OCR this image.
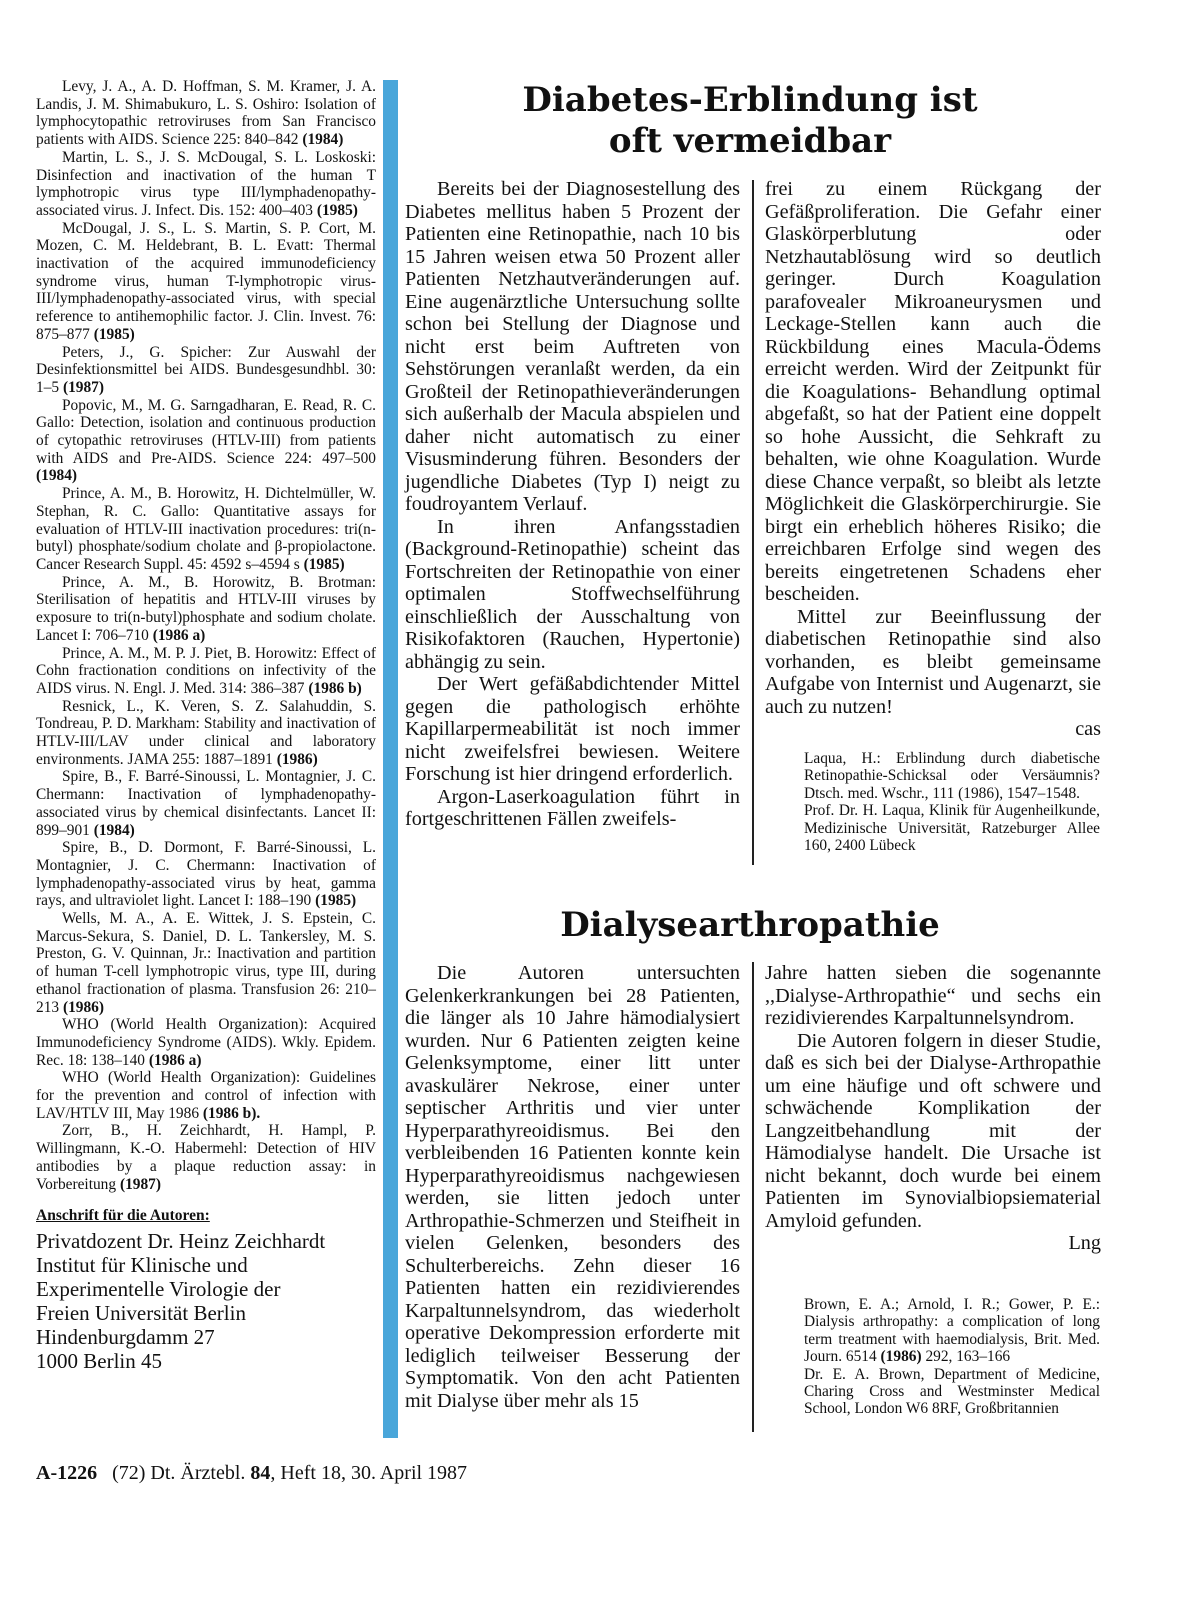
Levy, J. A., A. D. Hoffman, S. M. Kramer, J. A. Landis, J. M. Shimabukuro, L. S. Oshiro: Isolation of lymphocytopathic retroviruses from San Francisco patients with AIDS. Science 225: 840–842 (1984)

Martin, L. S., J. S. McDougal, S. L. Loskoski: Disinfection and inactivation of the human T lymphotropic virus type III/lymphadenopathy-associated virus. J. Infect. Dis. 152: 400–403 (1985)

McDougal, J. S., L. S. Martin, S. P. Cort, M. Mozen, C. M. Heldebrant, B. L. Evatt: Thermal inactivation of the acquired immunodeficiency syndrome virus, human T-lymphotropic virus-III/lymphadenopathy-associated virus, with special reference to antihemophilic factor. J. Clin. Invest. 76: 875–877 (1985)

Peters, J., G. Spicher: Zur Auswahl der Desinfektionsmittel bei AIDS. Bundesgesundhbl. 30: 1–5 (1987)

Popovic, M., M. G. Sarngadharan, E. Read, R. C. Gallo: Detection, isolation and continuous production of cytopathic retroviruses (HTLV-III) from patients with AIDS and Pre-AIDS. Science 224: 497–500 (1984)

Prince, A. M., B. Horowitz, H. Dichtelmüller, W. Stephan, R. C. Gallo: Quantitative assays for evaluation of HTLV-III inactivation procedures: tri(n-butyl) phosphate/sodium cholate and β-propiolactone. Cancer Research Suppl. 45: 4592 s–4594 s (1985)

Prince, A. M., B. Horowitz, B. Brotman: Sterilisation of hepatitis and HTLV-III viruses by exposure to tri(n-butyl)phosphate and sodium cholate. Lancet I: 706–710 (1986 a)

Prince, A. M., M. P. J. Piet, B. Horowitz: Effect of Cohn fractionation conditions on infectivity of the AIDS virus. N. Engl. J. Med. 314: 386–387 (1986 b)

Resnick, L., K. Veren, S. Z. Salahuddin, S. Tondreau, P. D. Markham: Stability and inactivation of HTLV-III/LAV under clinical and laboratory environments. JAMA 255: 1887–1891 (1986)

Spire, B., F. Barré-Sinoussi, L. Montagnier, J. C. Chermann: Inactivation of lymphadenopathy-associated virus by chemical disinfectants. Lancet II: 899–901 (1984)

Spire, B., D. Dormont, F. Barré-Sinoussi, L. Montagnier, J. C. Chermann: Inactivation of lymphadenopathy-associated virus by heat, gamma rays, and ultraviolet light. Lancet I: 188–190 (1985)

Wells, M. A., A. E. Wittek, J. S. Epstein, C. Marcus-Sekura, S. Daniel, D. L. Tankersley, M. S. Preston, G. V. Quinnan, Jr.: Inactivation and partition of human T-cell lymphotropic virus, type III, during ethanol fractionation of plasma. Transfusion 26: 210–213 (1986)

WHO (World Health Organization): Acquired Immunodeficiency Syndrome (AIDS). Wkly. Epidem. Rec. 18: 138–140 (1986 a)

WHO (World Health Organization): Guidelines for the prevention and control of infection with LAV/HTLV III, May 1986 (1986 b).

Zorr, B., H. Zeichhardt, H. Hampl, P. Willingmann, K.-O. Habermehl: Detection of HIV antibodies by a plaque reduction assay: in Vorbereitung (1987)

Anschrift für die Autoren:

Privatdozent Dr. Heinz Zeichhardt

Institut für Klinische und

Experimentelle Virologie der

Freien Universität Berlin

Hindenburgdamm 27

1000 Berlin 45

Diabetes-Erblindung ist
oft vermeidbar

Bereits bei der Diagnosestellung des Diabetes mellitus haben 5 Prozent der Patienten eine Retinopathie, nach 10 bis 15 Jahren weisen etwa 50 Prozent aller Patienten Netzhautveränderungen auf. Eine augenärztliche Untersuchung sollte schon bei Stellung der Diagnose und nicht erst beim Auftreten von Sehstörungen veranlaßt werden, da ein Großteil der Retinopathieveränderungen sich außerhalb der Macula abspielen und daher nicht automatisch zu einer Visusminderung führen. Besonders der jugendliche Diabetes (Typ I) neigt zu foudroyantem Verlauf.

In ihren Anfangsstadien (Background-Retinopathie) scheint das Fortschreiten der Retinopathie von einer optimalen Stoffwechselführung einschließlich der Ausschaltung von Risikofaktoren (Rauchen, Hypertonie) abhängig zu sein.

Der Wert gefäßabdichtender Mittel gegen die pathologisch erhöhte Kapillarpermeabilität ist noch immer nicht zweifelsfrei bewiesen. Weitere Forschung ist hier dringend erforderlich.

Argon-Laserkoagulation führt in fortgeschrittenen Fällen zweifels-

frei zu einem Rückgang der Gefäßproliferation. Die Gefahr einer Glaskörperblutung oder Netzhautablösung wird so deutlich geringer. Durch Koagulation parafovealer Mikroaneurysmen und Leckage-Stellen kann auch die Rückbildung eines Macula-Ödems erreicht werden. Wird der Zeitpunkt für die Koagulations- Behandlung optimal abgefaßt, so hat der Patient eine doppelt so hohe Aussicht, die Sehkraft zu behalten, wie ohne Koagulation. Wurde diese Chance verpaßt, so bleibt als letzte Möglichkeit die Glaskörperchirurgie. Sie birgt ein erheblich höheres Risiko; die erreichbaren Erfolge sind wegen des bereits eingetretenen Schadens eher bescheiden.

Mittel zur Beeinflussung der diabetischen Retinopathie sind also vorhanden, es bleibt gemeinsame Aufgabe von Internist und Augenarzt, sie auch zu nutzen!

cas

Laqua, H.: Erblindung durch diabetische Retinopathie-Schicksal oder Versäumnis? Dtsch. med. Wschr., 111 (1986), 1547–1548.

Prof. Dr. H. Laqua, Klinik für Augenheilkunde, Medizinische Universität, Ratzeburger Allee 160, 2400 Lübeck

Dialysearthropathie

Die Autoren untersuchten Gelenkerkrankungen bei 28 Patienten, die länger als 10 Jahre hämodialysiert wurden. Nur 6 Patienten zeigten keine Gelenksymptome, einer litt unter avaskulärer Nekrose, einer unter septischer Arthritis und vier unter Hyperparathyreoidismus. Bei den verbleibenden 16 Patienten konnte kein Hyperparathyreoidismus nachgewiesen werden, sie litten jedoch unter Arthropathie-Schmerzen und Steifheit in vielen Gelenken, besonders des Schulterbereichs. Zehn dieser 16 Patienten hatten ein rezidivierendes Karpaltunnelsyndrom, das wiederholt operative Dekompression erforderte mit lediglich teilweiser Besserung der Symptomatik. Von den acht Patienten mit Dialyse über mehr als 15

Jahre hatten sieben die sogenannte ,,Dialyse-Arthropathie“ und sechs ein rezidivierendes Karpaltunnelsyndrom.

Die Autoren folgern in dieser Studie, daß es sich bei der Dialyse-Arthropathie um eine häufige und oft schwere und schwächende Komplikation der Langzeitbehandlung mit der Hämodialyse handelt. Die Ursache ist nicht bekannt, doch wurde bei einem Patienten im Synovialbiopsiematerial Amyloid gefunden.

Lng

Brown, E. A.; Arnold, I. R.; Gower, P. E.: Dialysis arthropathy: a complication of long term treatment with haemodialysis, Brit. Med. Journ. 6514 (1986) 292, 163–166

Dr. E. A. Brown, Department of Medicine, Charing Cross and Westminster Medical School, London W6 8RF, Großbritannien

A-1226 (72) Dt. Ärztebl. 84, Heft 18, 30. April 1987
